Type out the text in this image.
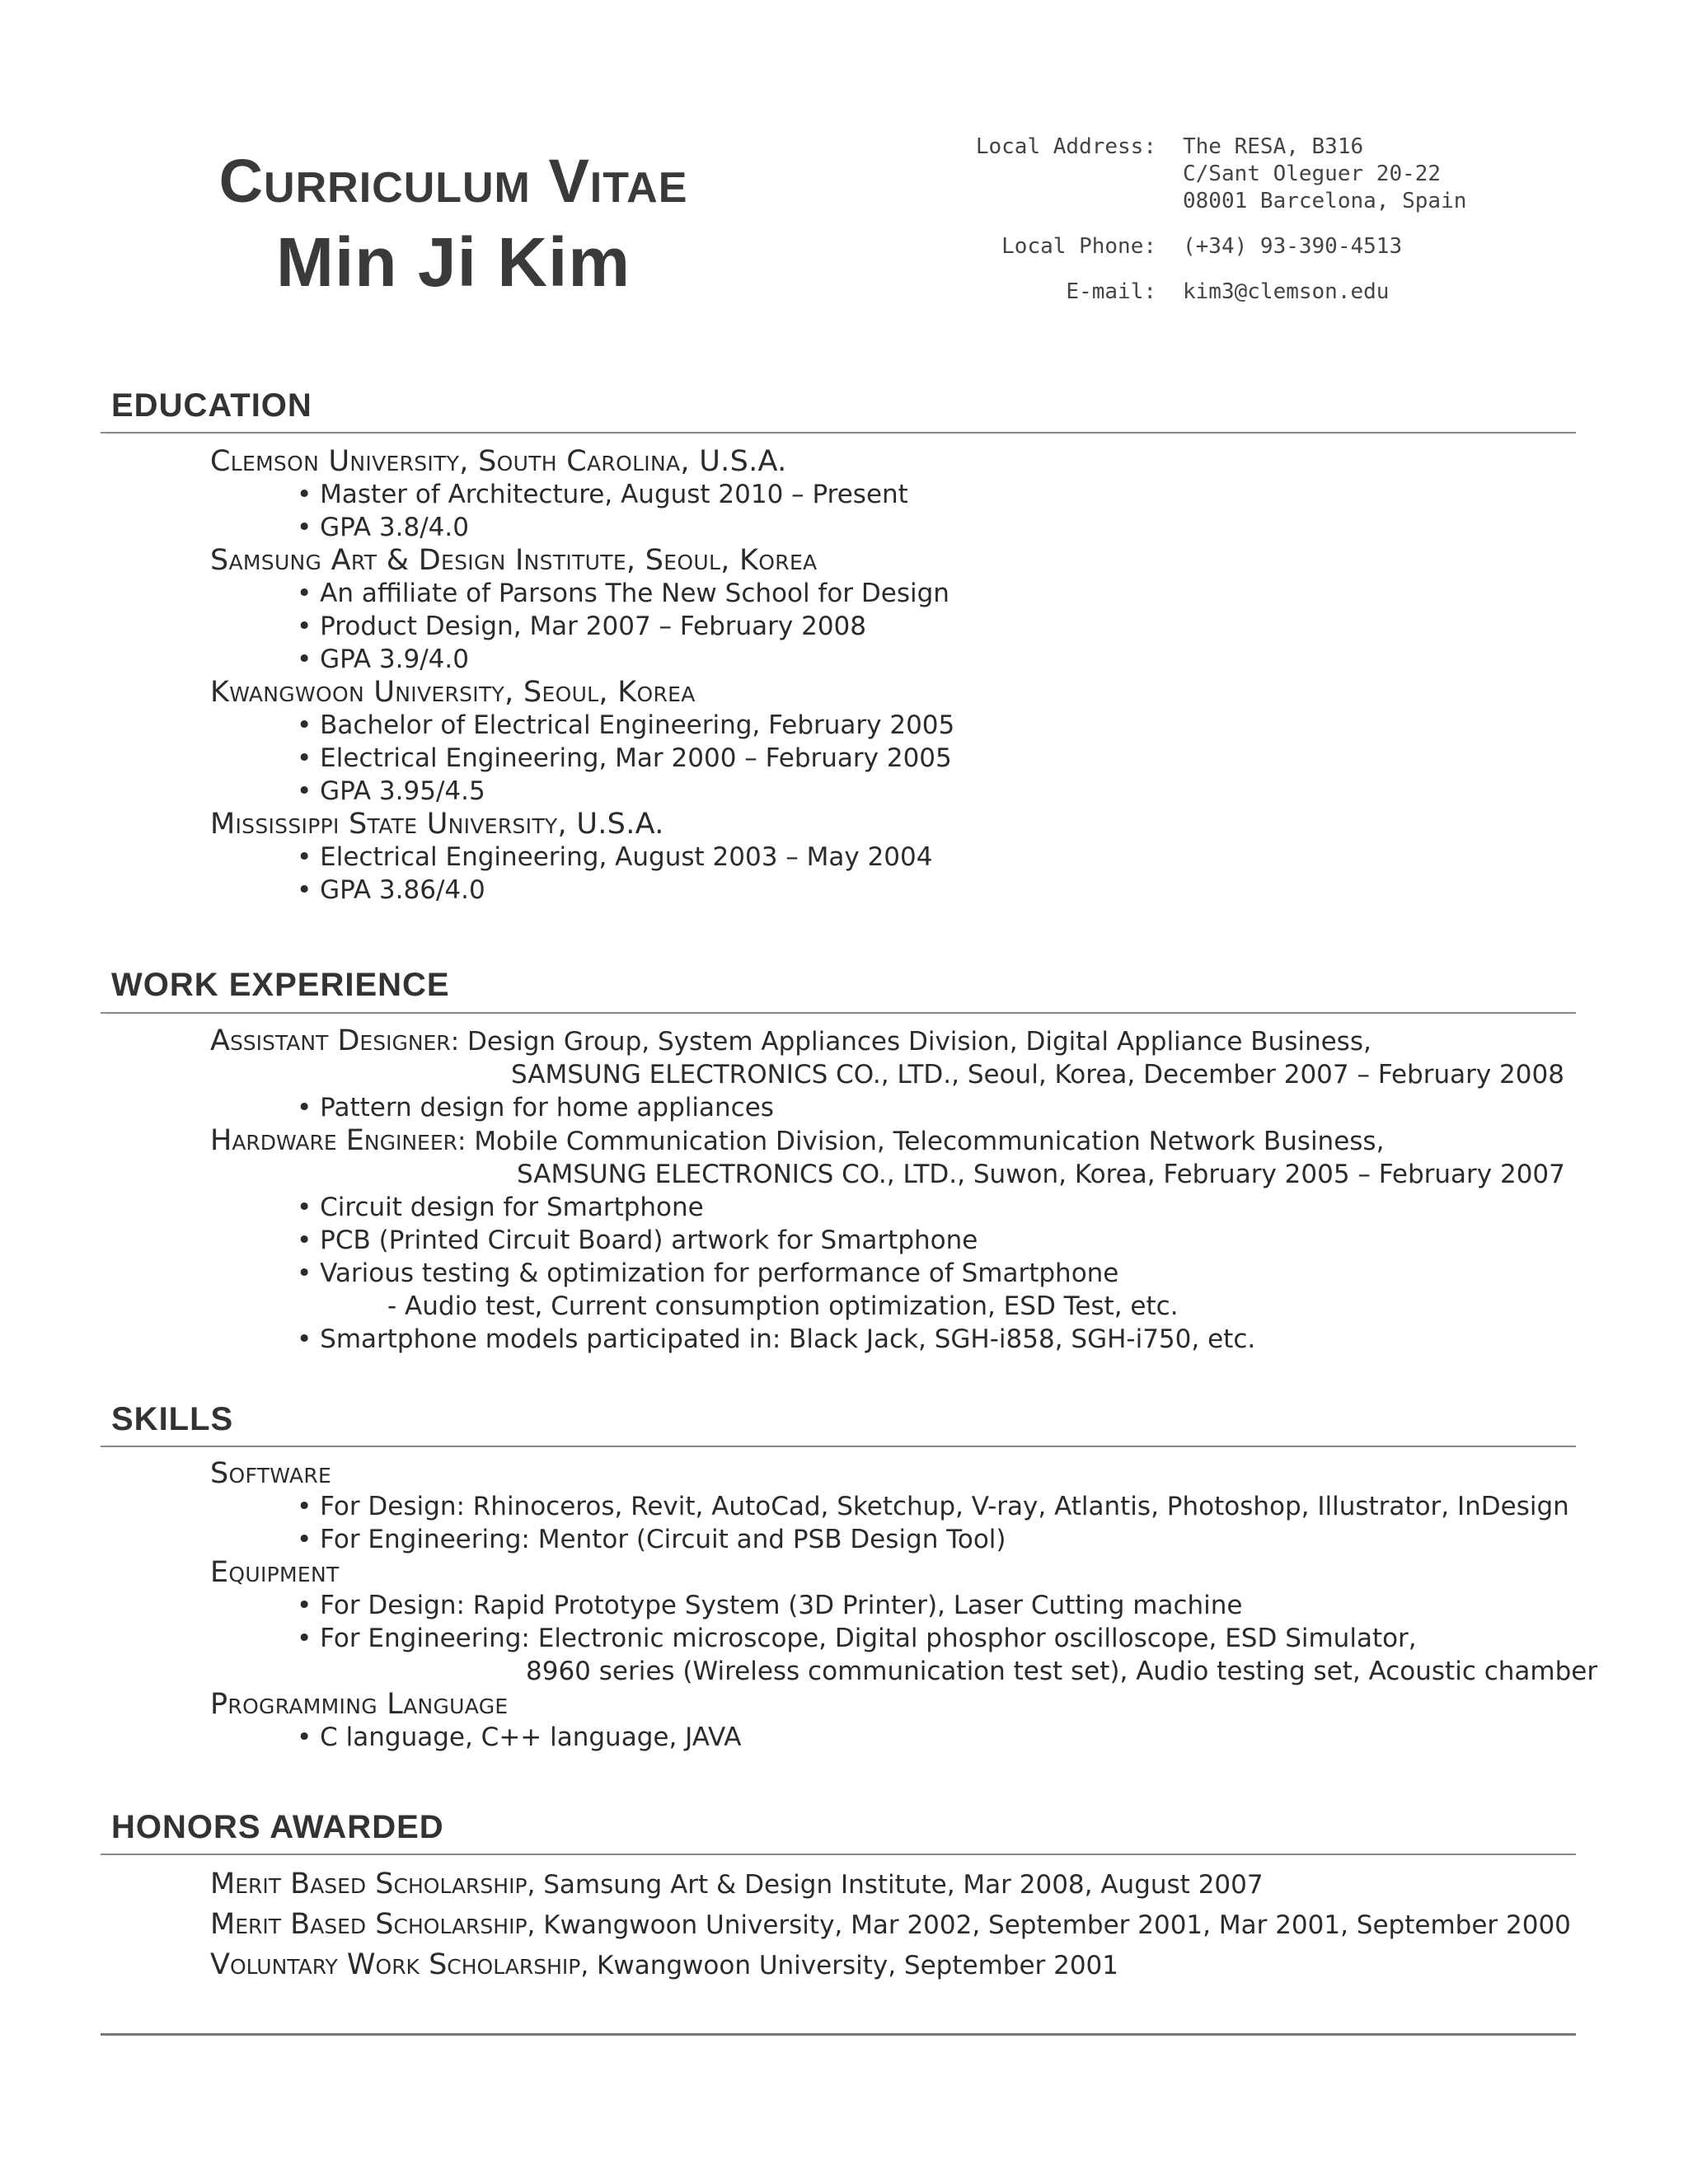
Curriculum Vitae
Min Ji Kim
Local Address:	The RESA, B316
C/Sant Oleguer 20-22
08001 Barcelona, Spain
Local Phone:	(+34) 93-390-4513
E-mail:	kim3@clemson.edu
EDUCATION
Clemson University, South Carolina, U.S.A.
• Master of Architecture, August 2010 – Present
• GPA 3.8/4.0
Samsung Art & Design Institute, Seoul, Korea
• An affiliate of Parsons The New School for Design
• Product Design, Mar 2007 – February 2008
• GPA 3.9/4.0
Kwangwoon University, Seoul, Korea
• Bachelor of Electrical Engineering, February 2005
• Electrical Engineering, Mar 2000 – February 2005
• GPA 3.95/4.5
Mississippi State University, U.S.A.
• Electrical Engineering, August 2003 – May 2004
• GPA 3.86/4.0
WORK EXPERIENCE
Assistant Designer: Design Group, System Appliances Division, Digital Appliance Business,
SAMSUNG ELECTRONICS CO., LTD., Seoul, Korea, December 2007 – February 2008
• Pattern design for home appliances
Hardware Engineer: Mobile Communication Division, Telecommunication Network Business,
SAMSUNG ELECTRONICS CO., LTD., Suwon, Korea, February 2005 – February 2007
• Circuit design for Smartphone
• PCB (Printed Circuit Board) artwork for Smartphone
• Various testing & optimization for performance of Smartphone
- Audio test, Current consumption optimization, ESD Test, etc.
• Smartphone models participated in: Black Jack, SGH-i858, SGH-i750, etc.
SKILLS
Software
• For Design: Rhinoceros, Revit, AutoCad, Sketchup, V-ray, Atlantis, Photoshop, Illustrator, InDesign
• For Engineering: Mentor (Circuit and PSB Design Tool)
Equipment
• For Design: Rapid Prototype System (3D Printer), Laser Cutting machine
• For Engineering: Electronic microscope, Digital phosphor oscilloscope, ESD Simulator,
8960 series (Wireless communication test set), Audio testing set, Acoustic chamber
Programming Language
• C language, C++ language, JAVA
HONORS AWARDED
Merit Based Scholarship, Samsung Art & Design Institute, Mar 2008, August 2007
Merit Based Scholarship, Kwangwoon University, Mar 2002, September 2001, Mar 2001, September 2000
Voluntary Work Scholarship, Kwangwoon University, September 2001
